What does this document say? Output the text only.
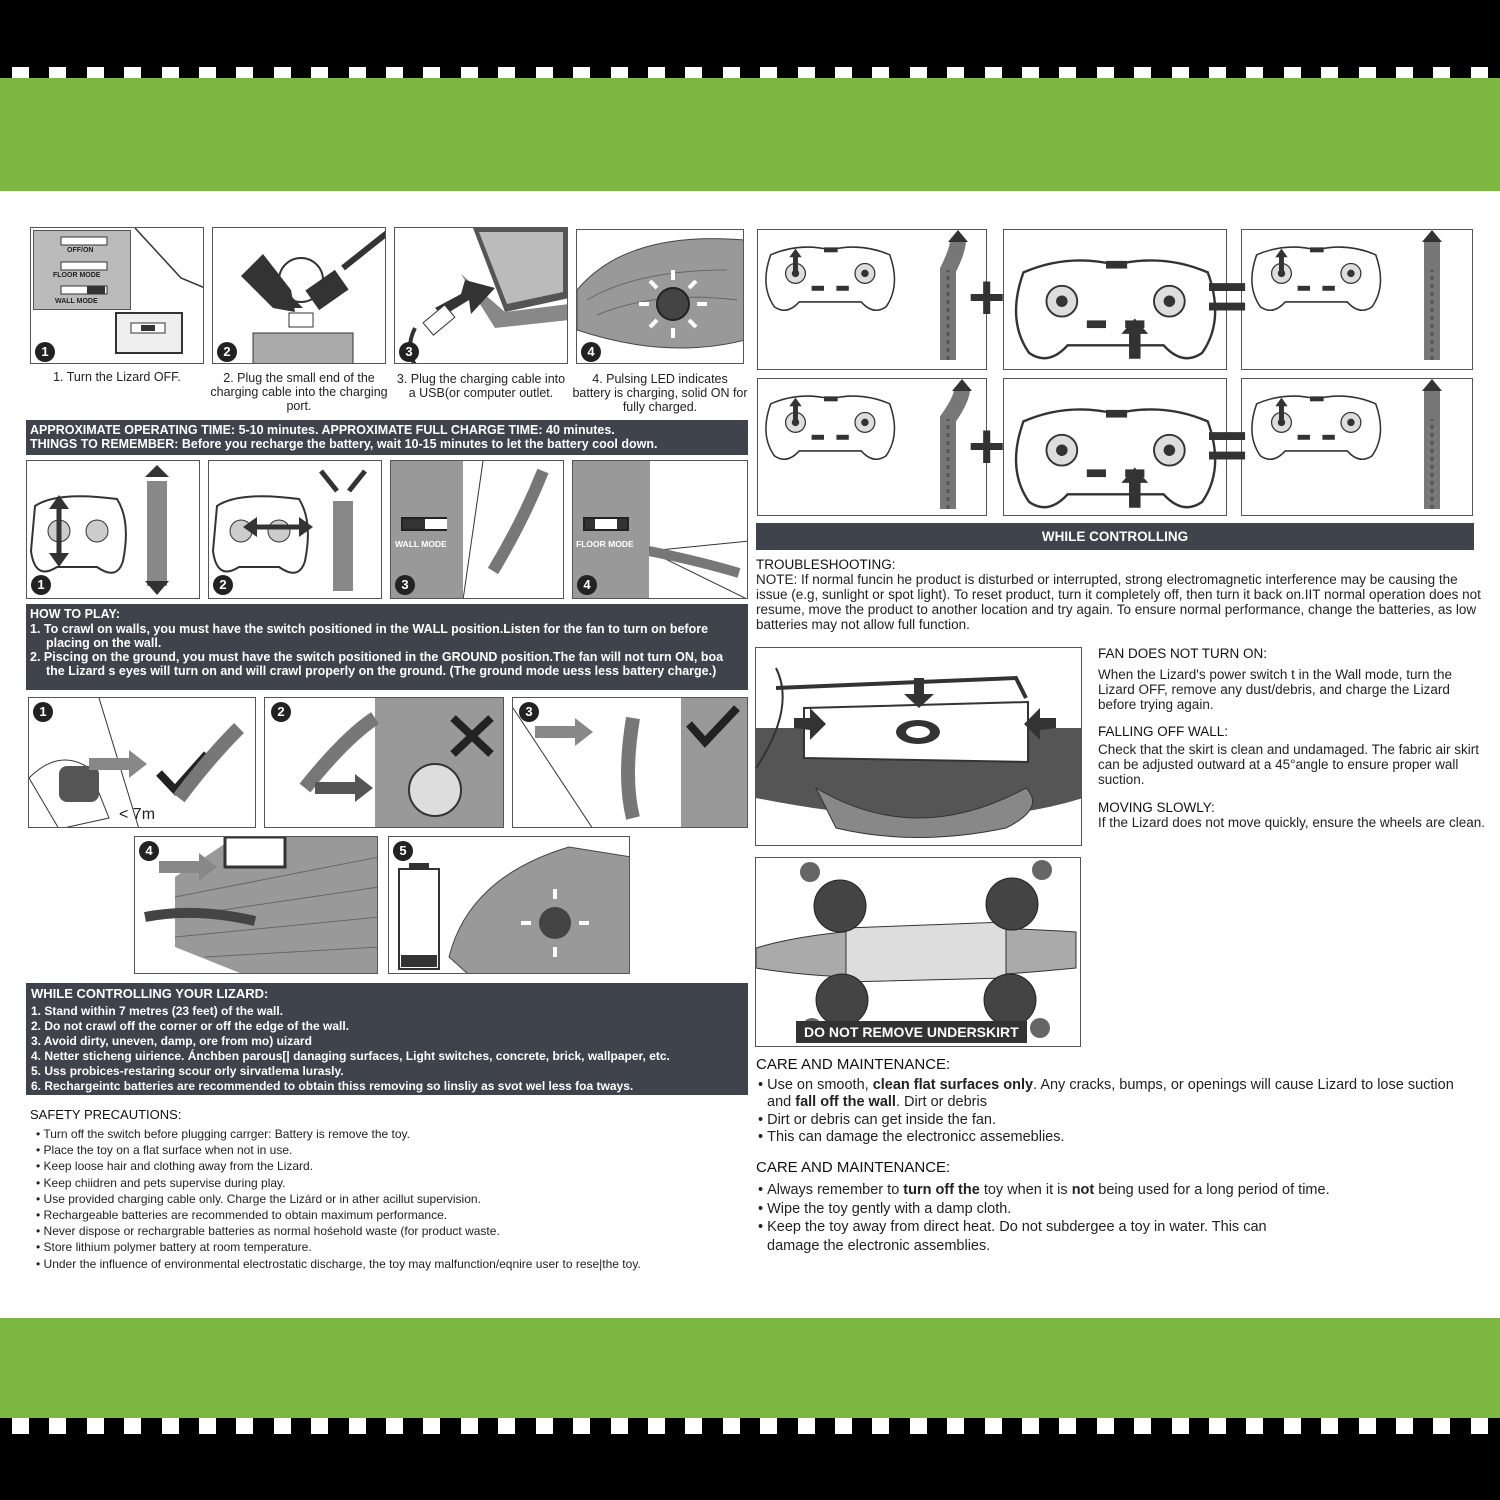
OFF/ON
FLOOR MODE
WALL MODE
1
1. Turn the Lizard OFF.
2
2. Plug the small end of the charging cable into the charging port.
3
3. Plug the charging cable into a USB(or computer outlet.
4
4. Pulsing LED indicates battery is charging, solid ON for fully charged.
APPROXIMATE OPERATING TIME: 5-10 minutes. APPROXIMATE FULL CHARGE TIME: 40 minutes.
THINGS TO REMEMBER: Before you recharge the battery, wait 10-15 minutes to let the battery cool down.
1	2
WALL MODE
3
FLOOR MODE
4
HOW TO PLAY:
1. To crawl on walls, you must have the switch positioned in the WALL position.Listen for the fan to turn on before placing on the wall.
2. Piscing on the ground, you must have the switch positioned in the GROUND position.The fan will not turn ON, boa the Lizard s eyes will turn on and will crawl properly on the ground. (The ground mode uess less battery charge.)
< 7m
1	2	3
4	5
WHILE CONTROLLING YOUR LIZARD:
1. Stand within 7 metres (23 feet) of the wall.
2. Do not crawl off the corner or off the edge of the wall.
3. Avoid dirty, uneven, damp, ore from mo) uizard
4. Netter sticheng uirience. Ánchben parous[| danaging surfaces, Light switches, concrete, brick, wallpaper, etc.
5. Uss probices-restaring scour orly sirvatlema lurasly.
6. Rechargeintc batteries are recommended to obtain thiss removing so linsliy as svot wel less foa tways.
SAFETY PRECAUTIONS:
• Turn off the switch before plugging carrger: Battery is remove the toy.
• Place the toy on a flat surface when not in use.
• Keep loose hair and clothing away from the Lizard.
• Keep chiidren and pets supervise during play.
• Use provided charging cable only. Charge the Lizárd or in ather acillut supervision.
• Rechargeable batteries are recommended to obtain maximum performance.
• Never dispose or rechargrable batteries as normal hośehold waste (for product waste.
• Store lithium polymer battery at room temperature.
• Under the influence of environmental electrostatic discharge, the toy may malfunction/eqnire user to rese|the toy.
+	=
+	=
WHILE CONTROLLING
TROUBLESHOOTING:
NOTE: If normal funcin he product is disturbed or interrupted, strong electromagnetic interference may be causing the issue (e.g, sunlight or spot light). To reset product, turn it completely off, then turn it back on.IIT normal operation does not resume, move the product to another location and try again. To ensure normal performance, change the batteries, as low batteries may not allow full function.
FAN DOES NOT TURN ON:
When the Lizard's power switch t in the Wall mode, turn the Lizard OFF, remove any dust/debris, and charge the Lizard before trying again.
FALLING OFF WALL:
Check that the skirt is clean and undamaged. The fabric air skirt can be adjusted outward at a 45°angle to ensure proper wall suction.
MOVING SLOWLY:
If the Lizard does not move quickly, ensure the wheels are clean.
DO NOT REMOVE UNDERSKIRT
CARE AND MAINTENANCE:
• Use on smooth, clean flat surfaces only. Any cracks, bumps, or openings will cause Lizard to lose suction and fall off the wall. Dirt or debris
• Dirt or debris can get inside the fan.
• This can damage the electronicc assemeblies.
CARE AND MAINTENANCE:
• Always remember to turn off the toy when it is not being used for a long period of time.
• Wipe the toy gently with a damp cloth.
• Keep the toy away from direct heat. Do not subdergee a toy in water. This can damage the electronic assemblies.
